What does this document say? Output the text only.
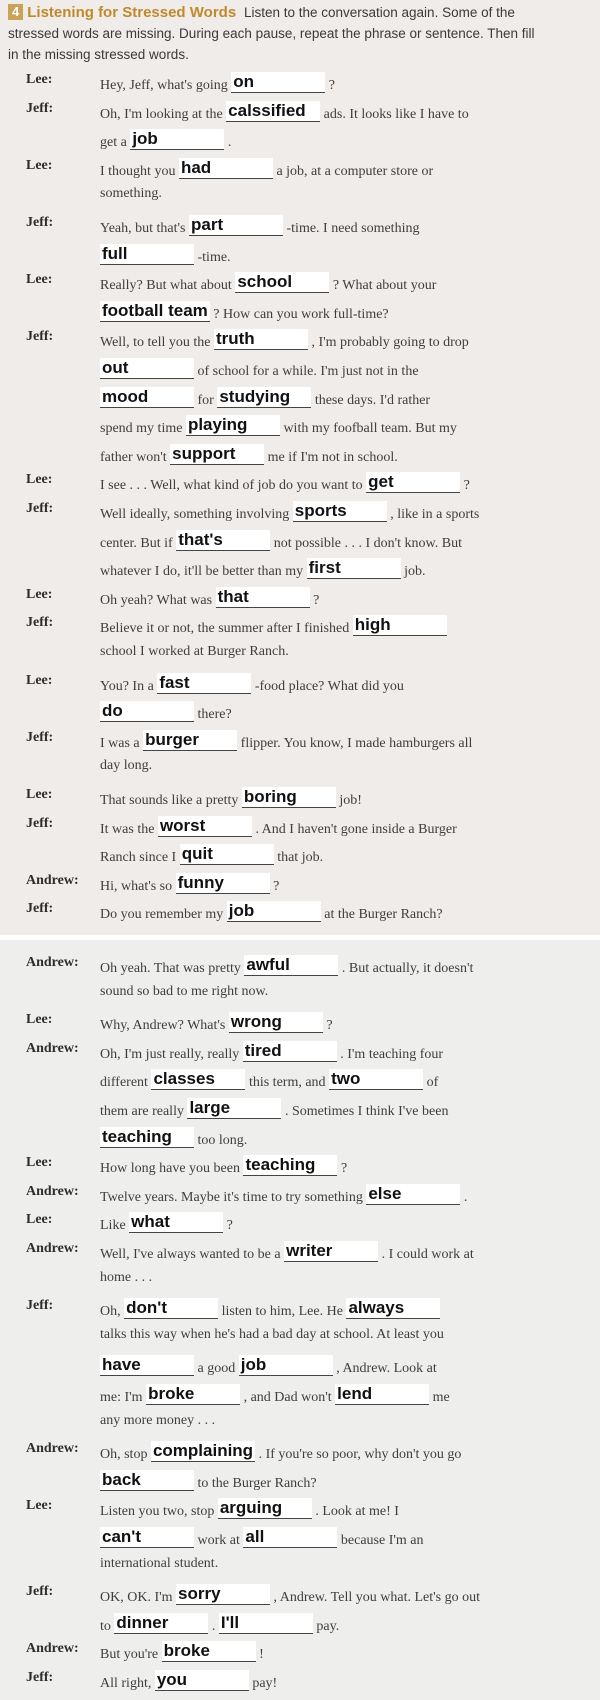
4 Listening for Stressed Words Listen to the conversation again. Some of the
stressed words are missing. During each pause, repeat the phrase or sentence. Then fill
in the missing stressed words.
Lee:	Hey, Jeff, what's going on	?
Jeff:	Oh, I'm looking at the calssified ads. It looks like I have to
get a job	.
Lee:	I thought you had	a job, at a computer store or
something.
Jeff:	Yeah, but that's part	-time. I need something
full	-time.
Lee:	Really? But what about school	? What about your
football team ? How can you work full-time?
Jeff:	Well, to tell you the truth	, I'm probably going to drop
out	of school for a while. I'm just not in the
mood	for studying these days. I'd rather
spend my time playing	with my foofball team. But my
father won't support me if I'm not in school.
Lee:	I see . . . Well, what kind of job do you want to get	?
Jeff:	Well ideally, something involving sports	, like in a sports
center. But if that's	not possible . . . I don't know. But
whatever I do, it'll be better than my first	job.
Lee:	Oh yeah? What was that	?
Jeff:	Believe it or not, the summer after I finished high
school I worked at Burger Ranch.
Lee:	You? In a fast	-food place? What did you
do	there?
Jeff:	I was a burger	flipper. You know, I made hamburgers all
day long.
Lee:	That sounds like a pretty boring	job!
Jeff:	It was the worst	. And I haven't gone inside a Burger
Ranch since I quit	that job.
Andrew: Hi, what's so funny	?
Jeff:	Do you remember my job	at the Burger Ranch?
Andrew: Oh yeah. That was pretty awful	. But actually, it doesn't
sound so bad to me right now.
Lee:	Why, Andrew? What's wrong	?
Andrew: Oh, I'm just really, really tired	. I'm teaching four
different classes this term, and two	of
them are really large	. Sometimes I think I've been
teaching too long.
Lee:	How long have you been teaching ?
Andrew: Twelve years. Maybe it's time to try something else	.
Lee:	Like what	?
Andrew: Well, I've always wanted to be a writer	. I could work at
home . . .
Jeff:	Oh, don't	listen to him, Lee. He always
talks this way when he's had a bad day at school. At least you
have	a good job	, Andrew. Look at
me: I'm broke	, and Dad won't lend	me
any more money . . .
Andrew: Oh, stop complaining . If you're so poor, why don't you go
back	to the Burger Ranch?
Lee:	Listen you two, stop arguing . Look at me! I
can't	work at all	because I'm an
international student.
Jeff:	OK, OK. I'm sorry	, Andrew. Tell you what. Let's go out
to dinner	. I'll	pay.
Andrew: But you're broke	!
Jeff:	All right, you	pay!
